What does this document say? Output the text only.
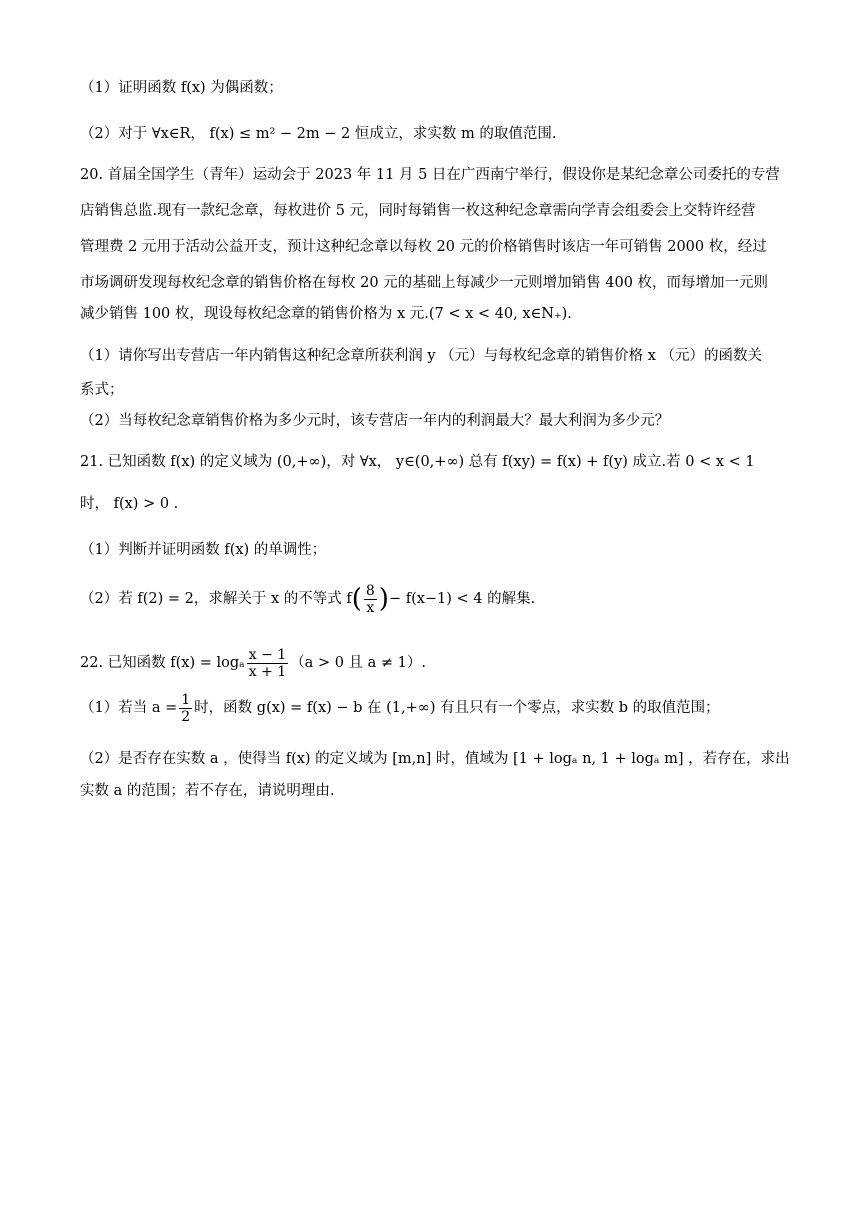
（1）证明函数 f(x) 为偶函数；
（2）对于 ∀x∈R， f(x) ≤ m² − 2m − 2 恒成立，求实数 m 的取值范围.
20. 首届全国学生（青年）运动会于 2023 年 11 月 5 日在广西南宁举行，假设你是某纪念章公司委托的专营
店销售总监.现有一款纪念章，每枚进价 5 元，同时每销售一枚这种纪念章需向学青会组委会上交特许经营
管理费 2 元用于活动公益开支，预计这种纪念章以每枚 20 元的价格销售时该店一年可销售 2000 枚，经过
市场调研发现每枚纪念章的销售价格在每枚 20 元的基础上每减少一元则增加销售 400 枚，而每增加一元则
减少销售 100 枚，现设每枚纪念章的销售价格为 x 元.(7 < x < 40, x∈N₊).
（1）请你写出专营店一年内销售这种纪念章所获利润 y （元）与每枚纪念章的销售价格 x （元）的函数关
系式；
（2）当每枚纪念章销售价格为多少元时，该专营店一年内的利润最大？最大利润为多少元？
21. 已知函数 f(x) 的定义域为 (0,+∞)，对 ∀x， y∈(0,+∞) 总有 f(xy) = f(x) + f(y) 成立.若 0 < x < 1
时， f(x) > 0 .
（1）判断并证明函数 f(x) 的单调性；
（2）若 f(2) = 2，求解关于 x 的不等式 $f( \frac{8}{x}$ )− f(x−1) < 4 的解集.
22. 已知函数 f(x) = logₐ $\frac{x - 1}{x + 1} (a > 0$ 且 a ≠ 1）.
（1）若当 $a = \frac{1}{2}$ 时，函数 g(x) = f(x) − b 在 (1,+∞) 有且只有一个零点，求实数 b 的取值范围；
（2）是否存在实数 a ，使得当 f(x) 的定义域为 [m,n] 时，值域为 [1 + logₐ n, 1 + logₐ m] ，若存在，求出
实数 a 的范围；若不存在，请说明理由.
